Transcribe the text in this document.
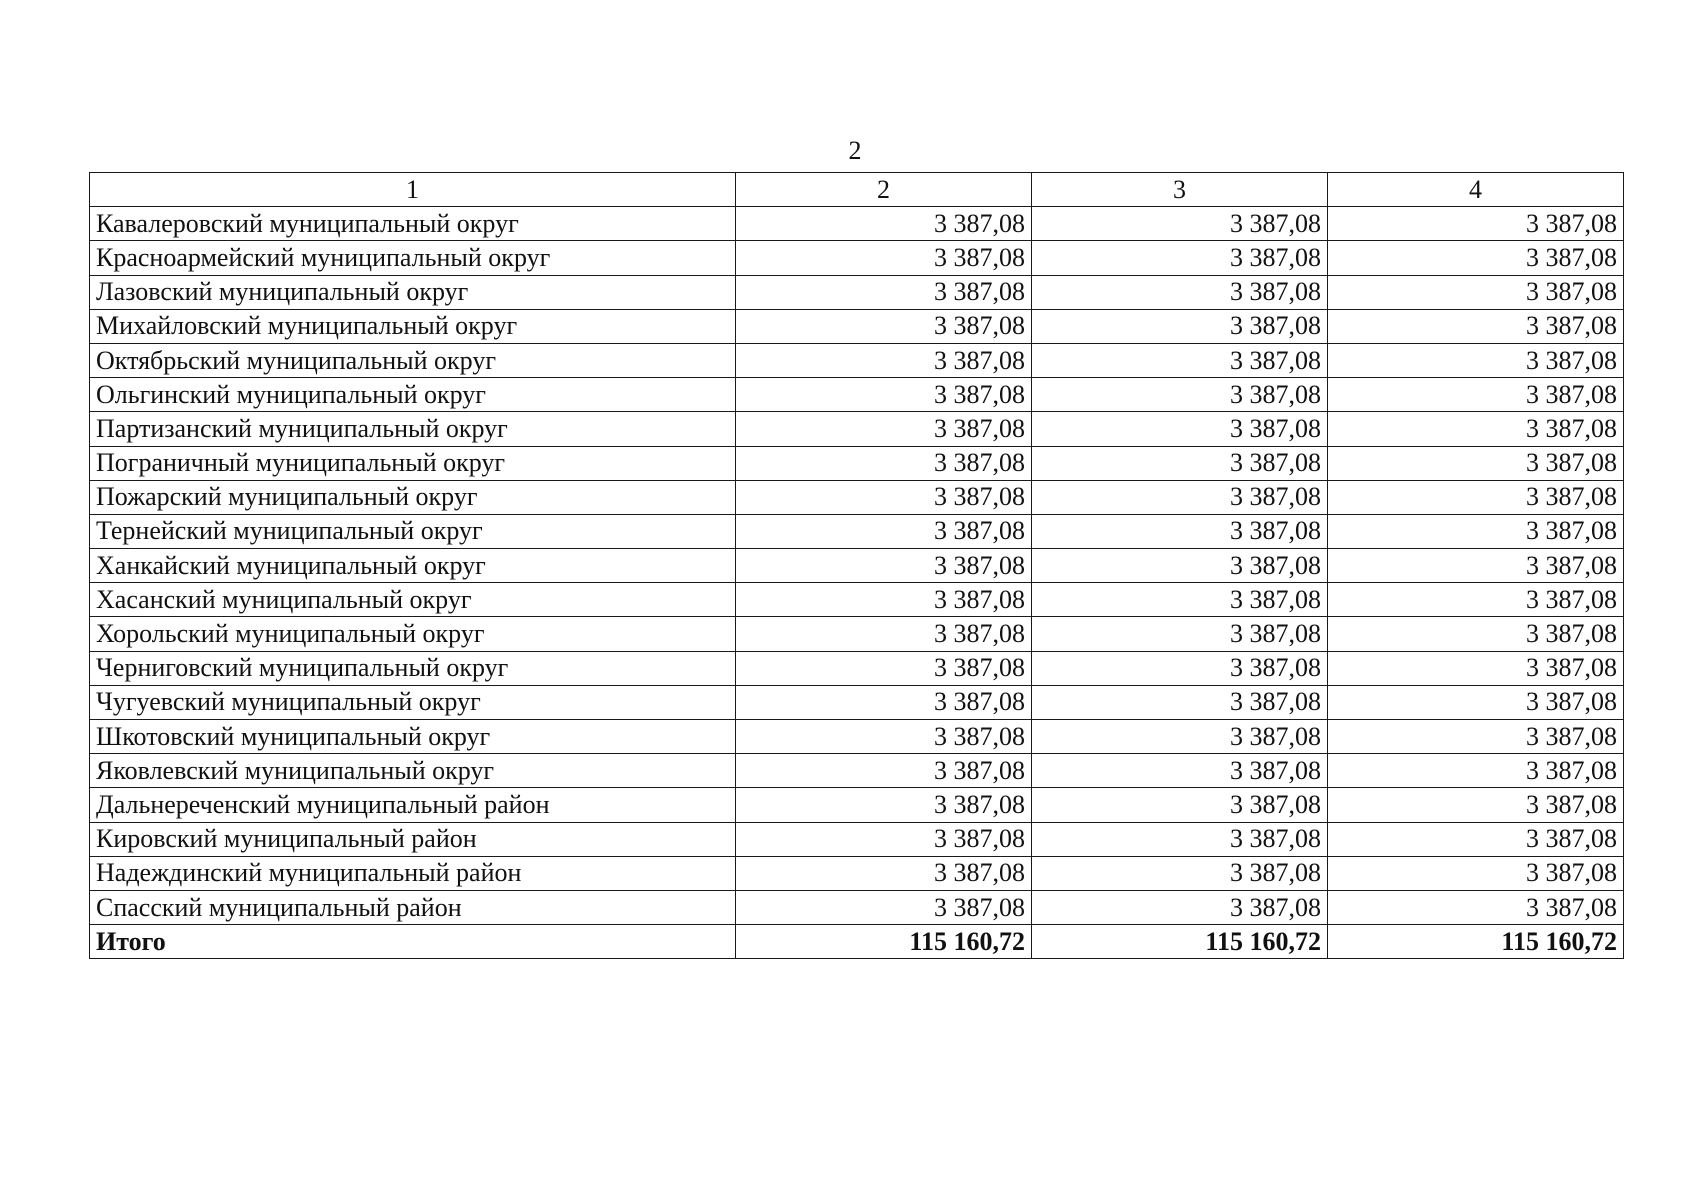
2
1	2	3	4
Кавалеровский муниципальный округ	3 387,08	3 387,08	3 387,08
Красноармейский муниципальный округ	3 387,08	3 387,08	3 387,08
Лазовский муниципальный округ	3 387,08	3 387,08	3 387,08
Михайловский муниципальный округ	3 387,08	3 387,08	3 387,08
Октябрьский муниципальный округ	3 387,08	3 387,08	3 387,08
Ольгинский муниципальный округ	3 387,08	3 387,08	3 387,08
Партизанский муниципальный округ	3 387,08	3 387,08	3 387,08
Пограничный муниципальный округ	3 387,08	3 387,08	3 387,08
Пожарский муниципальный округ	3 387,08	3 387,08	3 387,08
Тернейский муниципальный округ	3 387,08	3 387,08	3 387,08
Ханкайский муниципальный округ	3 387,08	3 387,08	3 387,08
Хасанский муниципальный округ	3 387,08	3 387,08	3 387,08
Хорольский муниципальный округ	3 387,08	3 387,08	3 387,08
Черниговский муниципальный округ	3 387,08	3 387,08	3 387,08
Чугуевский муниципальный округ	3 387,08	3 387,08	3 387,08
Шкотовский муниципальный округ	3 387,08	3 387,08	3 387,08
Яковлевский муниципальный округ	3 387,08	3 387,08	3 387,08
Дальнереченский муниципальный район	3 387,08	3 387,08	3 387,08
Кировский муниципальный район	3 387,08	3 387,08	3 387,08
Надеждинский муниципальный район	3 387,08	3 387,08	3 387,08
Спасский муниципальный район	3 387,08	3 387,08	3 387,08
Итого	115 160,72	115 160,72	115 160,72
